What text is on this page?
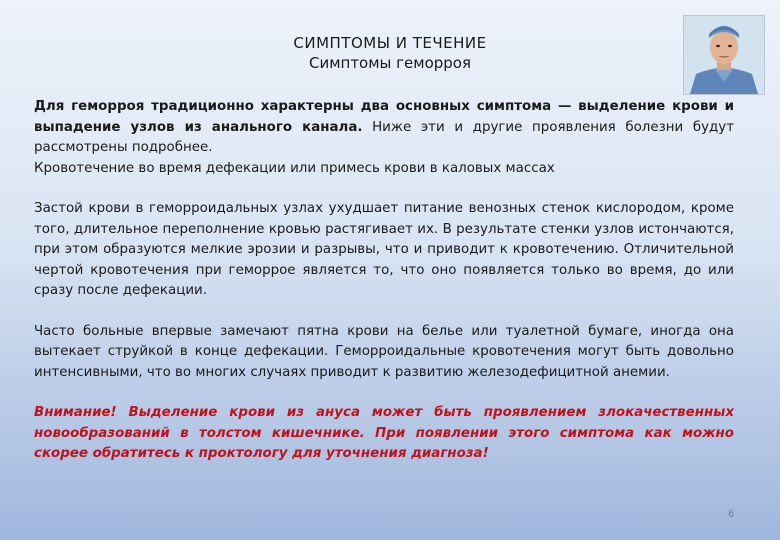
СИМПТОМЫ И ТЕЧЕНИЕ
Симптомы геморроя

Для геморроя традиционно характерны два основных симптома — выделение крови и выпадение узлов из анального канала. Ниже эти и другие проявления болезни будут рассмотрены подробнее.

Кровотечение во время дефекации или примесь крови в каловых массах

Застой крови в геморроидальных узлах ухудшает питание венозных стенок кислородом, кроме того, длительное переполнение кровью растягивает их. В результате стенки узлов истончаются, при этом образуются мелкие эрозии и разрывы, что и приводит к кровотечению. Отличительной чертой кровотечения при геморрое является то, что оно появляется только во время, до или сразу после дефекации.

Часто больные впервые замечают пятна крови на белье или туалетной бумаге, иногда она вытекает струйкой в конце дефекации. Геморроидальные кровотечения могут быть довольно интенсивными, что во многих случаях приводит к развитию железодефицитной анемии.

Внимание! Выделение крови из ануса может быть проявлением злокачественных новообразований в толстом кишечнике. При появлении этого симптома как можно скорее обратитесь к проктологу для уточнения диагноза!

6
